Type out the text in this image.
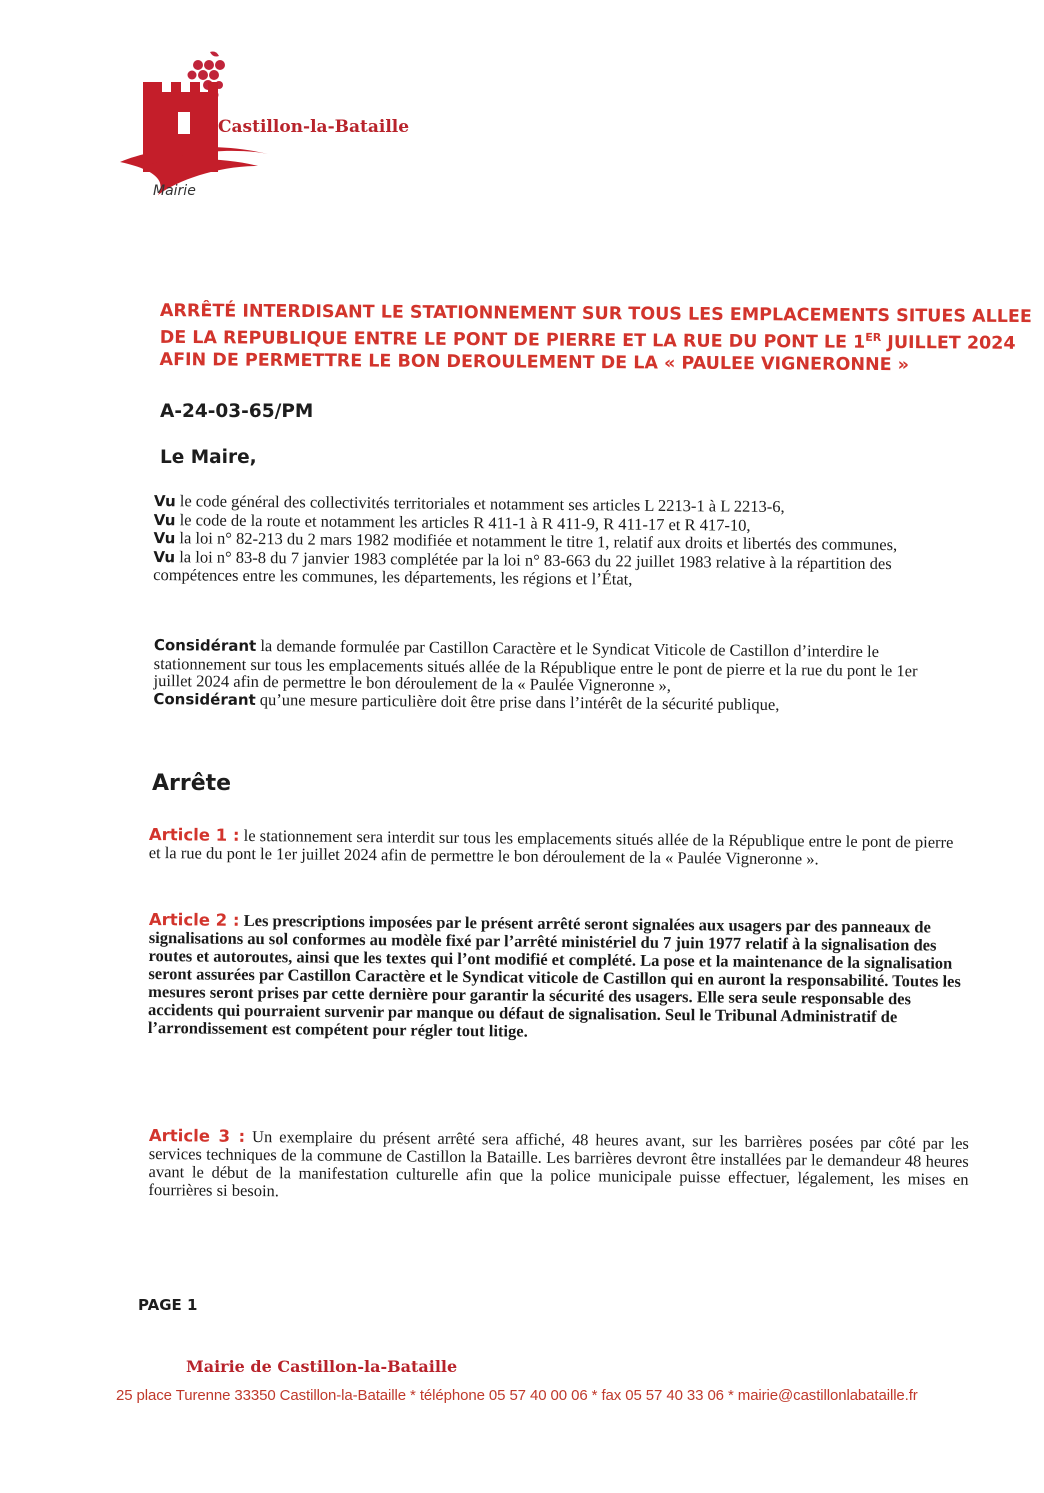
Castillon-la-Bataille
Mairie
ARRÊTÉ INTERDISANT LE STATIONNEMENT SUR TOUS LES EMPLACEMENTS SITUES ALLEE
DE LA REPUBLIQUE ENTRE LE PONT DE PIERRE ET LA RUE DU PONT LE 1ER JUILLET 2024
AFIN DE PERMETTRE LE BON DEROULEMENT DE LA « PAULEE VIGNERONNE »
A-24-03-65/PM
Le Maire,
Vu le code général des collectivités territoriales et notamment ses articles L 2213-1 à L 2213-6,
Vu le code de la route et notamment les articles R 411-1 à R 411-9, R 411-17 et R 417-10,
Vu la loi n° 82-213 du 2 mars 1982 modifiée et notamment le titre 1, relatif aux droits et libertés des communes,
Vu la loi n° 83-8 du 7 janvier 1983 complétée par la loi n° 83-663 du 22 juillet 1983 relative à la répartition des compétences entre les communes, les départements, les régions et l’État,
Considérant la demande formulée par Castillon Caractère et le Syndicat Viticole de Castillon d’interdire le stationnement sur tous les emplacements situés allée de la République entre le pont de pierre et la rue du pont le 1er juillet 2024 afin de permettre le bon déroulement de la « Paulée Vigneronne »,
Considérant qu’une mesure particulière doit être prise dans l’intérêt de la sécurité publique,
Arrête
Article 1 : le stationnement sera interdit sur tous les emplacements situés allée de la République entre le pont de pierre et la rue du pont le 1er juillet 2024 afin de permettre le bon déroulement de la « Paulée Vigneronne ».
Article 2 : Les prescriptions imposées par le présent arrêté seront signalées aux usagers par des panneaux de signalisations au sol conformes au modèle fixé par l’arrêté ministériel du 7 juin 1977 relatif à la signalisation des routes et autoroutes, ainsi que les textes qui l’ont modifié et complété. La pose et la maintenance de la signalisation seront assurées par Castillon Caractère et le Syndicat viticole de Castillon qui en auront la responsabilité. Toutes les mesures seront prises par cette dernière pour garantir la sécurité des usagers. Elle sera seule responsable des accidents qui pourraient survenir par manque ou défaut de signalisation. Seul le Tribunal Administratif de l’arrondissement est compétent pour régler tout litige.
Article 3 : Un exemplaire du présent arrêté sera affiché, 48 heures avant, sur les barrières posées par côté par les services techniques de la commune de Castillon la Bataille. Les barrières devront être installées par le demandeur 48 heures avant le début de la manifestation culturelle afin que la police municipale puisse effectuer, légalement, les mises en fourrières si besoin.
PAGE 1
Mairie de Castillon-la-Bataille
25 place Turenne 33350 Castillon-la-Bataille * téléphone 05 57 40 00 06 * fax 05 57 40 33 06 * mairie@castillonlabataille.fr
